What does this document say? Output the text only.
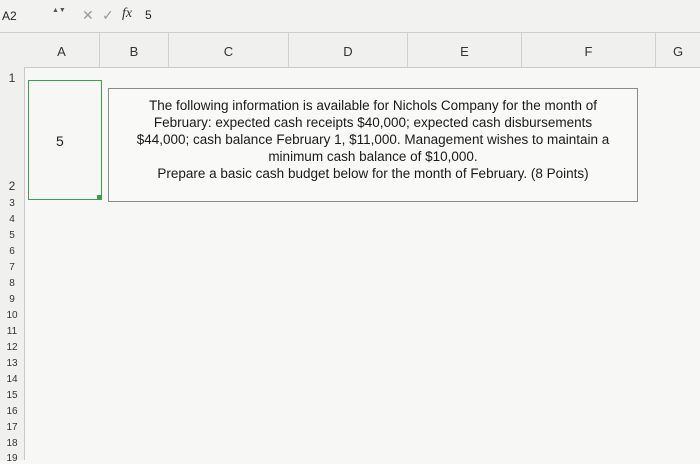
A2	▲▼ ✕ ✓ fx 5
A	B	C	D	E	F	G
1
2
3
4
5
6
7
8
9
10
11
12
13
14
15
16
17
18
19
5
The following information is available for Nichols Company for the month of
February: expected cash receipts $40,000; expected cash disbursements
$44,000; cash balance February 1, $11,000. Management wishes to maintain a
minimum cash balance of $10,000.
Prepare a basic cash budget below for the month of February. (8 Points)
